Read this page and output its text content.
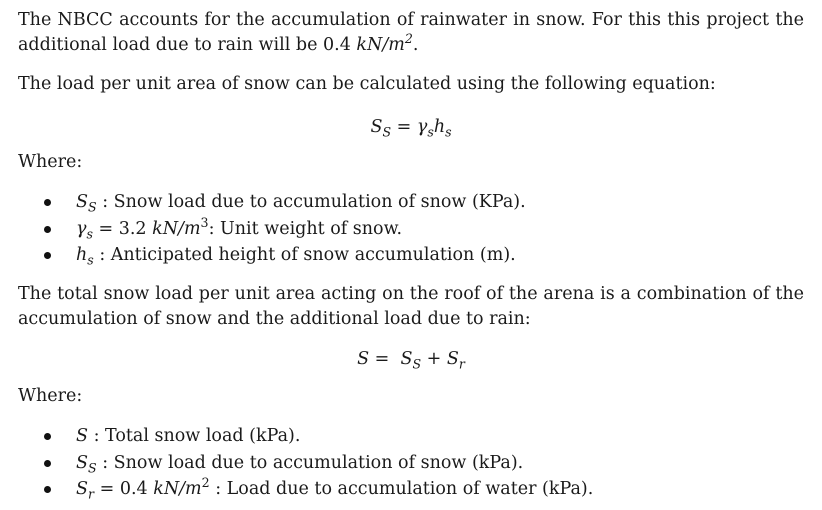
The NBCC accounts for the accumulation of rainwater in snow. For this this project the additional load due to rain will be 0.4 $kN/m^2$.
The load per unit area of snow can be calculated using the following equation:
$S_S = \gamma_sh_s$
Where:
$S_S$ : Snow load due to accumulation of snow (KPa).
$\gamma_s = 3.2$ $kN/m^3$: Unit weight of snow.
$h_s$ : Anticipated height of snow accumulation (m).
The total snow load per unit area acting on the roof of the arena is a combination of the accumulation of snow and the additional load due to rain:
$S = S_S + S_r$
Where:
S : Total snow load (kPa).
$S_S$ : Snow load due to accumulation of snow (kPa).
$S_r = 0.4$ $kN/m^2$ : Load due to accumulation of water (kPa).
